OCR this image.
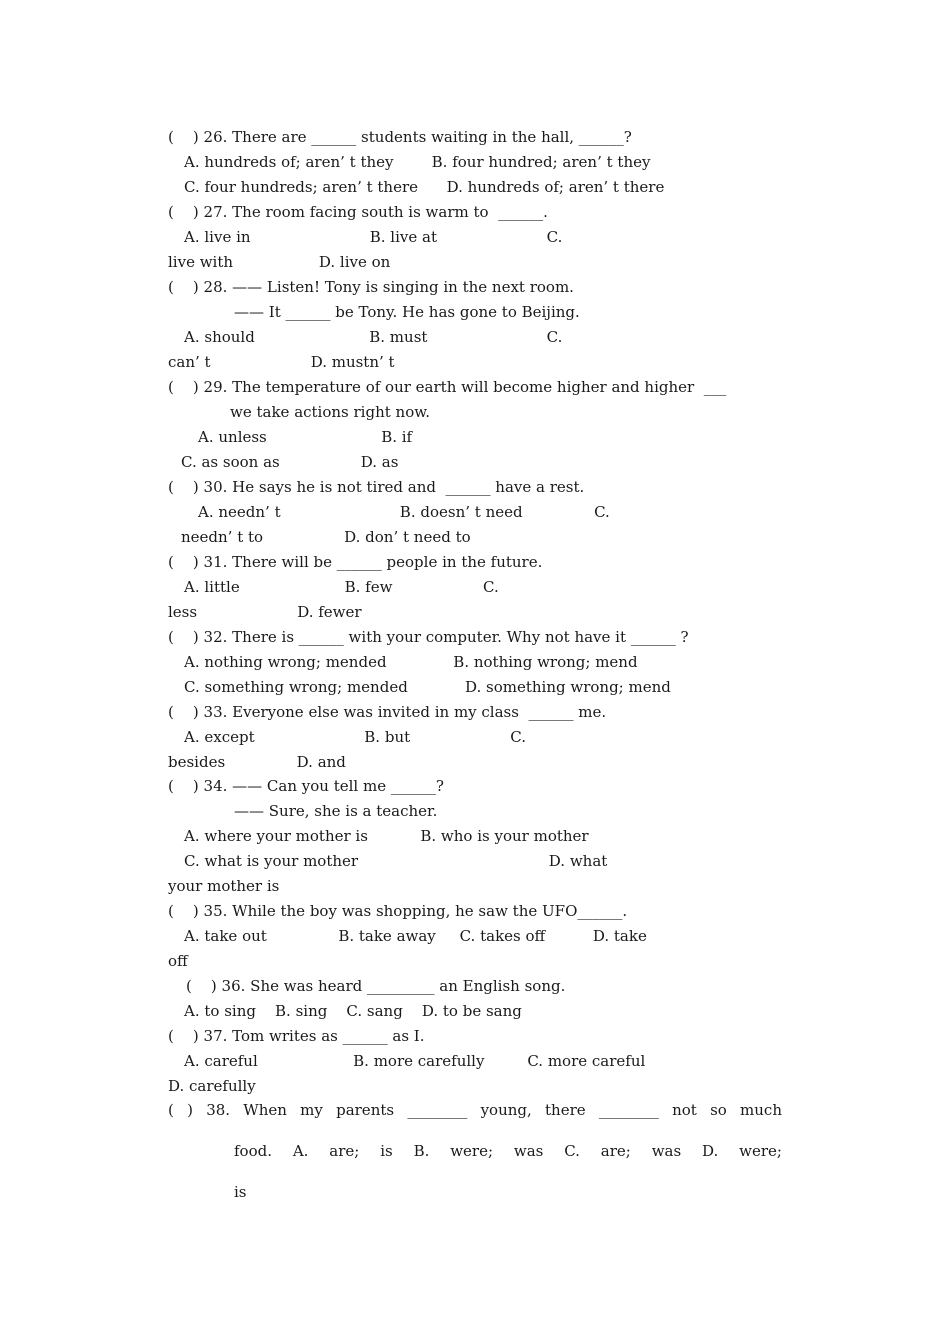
(    ) 26. There are ______ students waiting in the hall, ______?
A. hundreds of; aren’ t they        B. four hundred; aren’ t they
C. four hundreds; aren’ t there      D. hundreds of; aren’ t there
(    ) 27. The room facing south is warm to  ______.
A. live in                         B. live at                       C.
live with                  D. live on
(    ) 28. —— Listen! Tony is singing in the next room.
—— It ______ be Tony. He has gone to Beijing.
A. should                        B. must                         C.
can’ t                     D. mustn’ t
(    ) 29. The temperature of our earth will become higher and higher  ___
we take actions right now.
A. unless                        B. if
C. as soon as                 D. as
(    ) 30. He says he is not tired and  ______ have a rest.
A. needn’ t                         B. doesn’ t need               C.
needn’ t to                 D. don’ t need to
(    ) 31. There will be ______ people in the future.
A. little                      B. few                   C.
less                     D. fewer
(    ) 32. There is ______ with your computer. Why not have it ______ ?
A. nothing wrong; mended              B. nothing wrong; mend
C. something wrong; mended            D. something wrong; mend
(    ) 33. Everyone else was invited in my class  ______ me.
A. except                       B. but                     C.
besides               D. and
(    ) 34. —— Can you tell me ______?
—— Sure, she is a teacher.
A. where your mother is           B. who is your mother
C. what is your mother                                        D. what
your mother is
(    ) 35. While the boy was shopping, he saw the UFO______.
A. take out               B. take away     C. takes off          D. take
off
(    ) 36. She was heard _________ an English song.
A. to sing    B. sing    C. sang    D. to be sang
(    ) 37. Tom writes as ______ as I.
A. careful                    B. more carefully         C. more careful
D. carefully
( ) 38. When my parents ________ young, there ________ not so much
food. A. are; is B. were; was C. are; was D. were;
is
